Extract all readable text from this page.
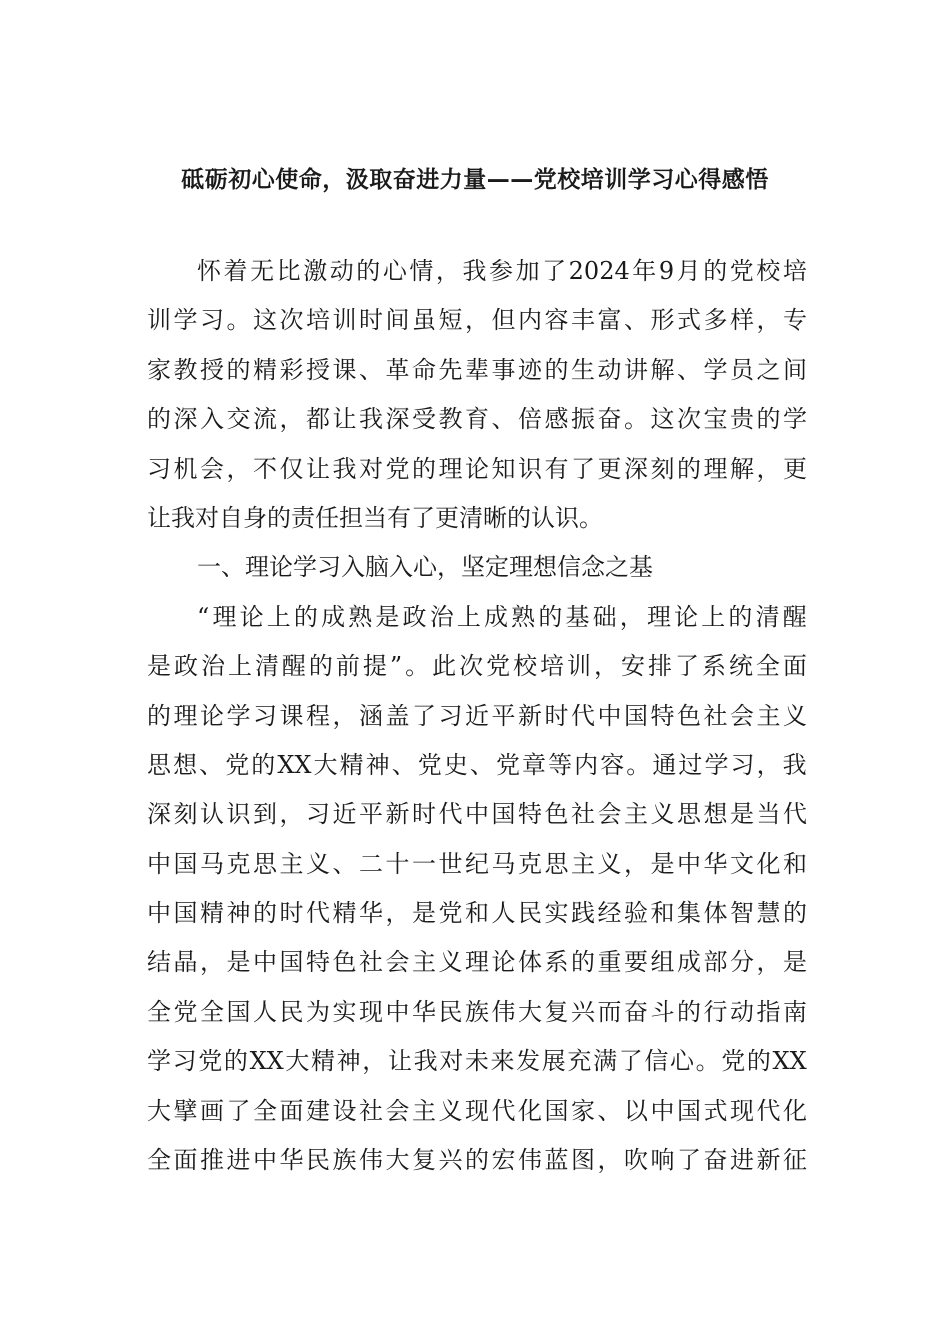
砥砺初心使命，汲取奋进力量——党校培训学习心得感悟
怀 着 无 比 激 动 的 心 情 ， 我 参 加 了 2024 年 9 月 的 党 校 培
训 学 习 。 这 次 培 训 时 间 虽 短 ， 但 内 容 丰 富 、 形 式 多 样 ， 专
家 教 授 的 精 彩 授 课 、 革 命 先 辈 事 迹 的 生 动 讲 解 、 学 员 之 间
的 深 入 交 流 ， 都 让 我 深 受 教 育 、 倍 感 振 奋 。 这 次 宝 贵 的 学
习 机 会 ， 不 仅 让 我 对 党 的 理 论 知 识 有 了 更 深 刻 的 理 解 ， 更
让我对自身的责任担当有了更清晰的认识。
一、理论学习入脑入心，坚定理想信念之基
“ 理 论 上 的 成 熟 是 政 治 上 成 熟 的 基 础 ， 理 论 上 的 清 醒
是 政 治 上 清 醒 的 前 提 ” 。 此 次 党 校 培 训 ， 安 排 了 系 统 全 面
的 理 论 学 习 课 程 ， 涵 盖 了 习 近 平 新 时 代 中 国 特 色 社 会 主 义
思 想 、 党 的 XX 大 精 神 、 党 史 、 党 章 等 内 容 。 通 过 学 习 ， 我
深 刻 认 识 到 ， 习 近 平 新 时 代 中 国 特 色 社 会 主 义 思 想 是 当 代
中 国 马 克 思 主 义 、 二 十 一 世 纪 马 克 思 主 义 ， 是 中 华 文 化 和
中 国 精 神 的 时 代 精 华 ， 是 党 和 人 民 实 践 经 验 和 集 体 智 慧 的
结 晶 ， 是 中 国 特 色 社 会 主 义 理 论 体 系 的 重 要 组 成 部 分 ， 是
全 党 全 国 人 民 为 实 现 中 华 民 族 伟 大 复 兴 而 奋 斗 的 行 动 指 南
学 习 党 的 XX 大 精 神 ， 让 我 对 未 来 发 展 充 满 了 信 心 。 党 的 XX
大 擘 画 了 全 面 建 设 社 会 主 义 现 代 化 国 家 、 以 中 国 式 现 代 化
全 面 推 进 中 华 民 族 伟 大 复 兴 的 宏 伟 蓝 图 ， 吹 响 了 奋 进 新 征
